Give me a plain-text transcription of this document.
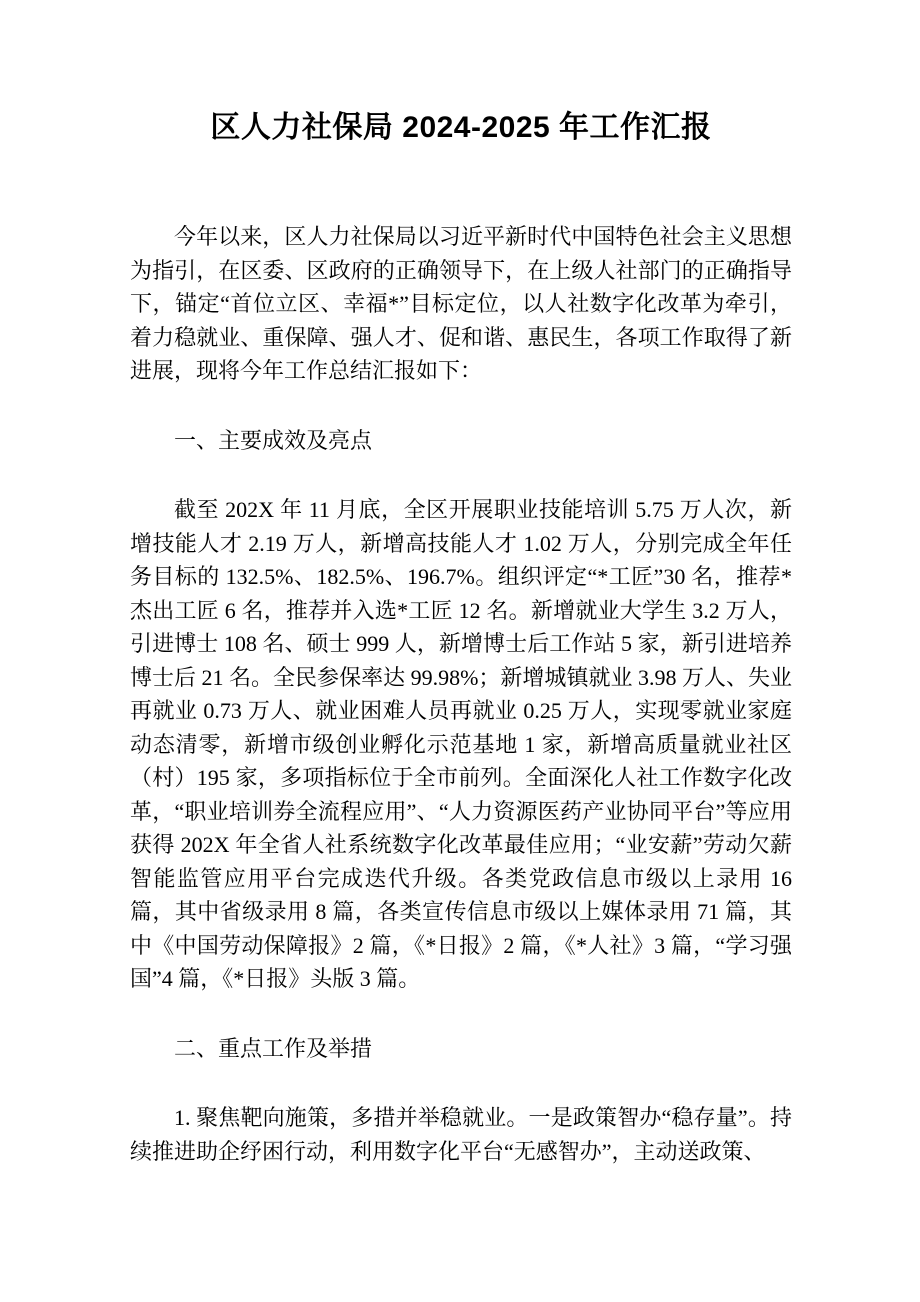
区人力社保局 2024-2025 年工作汇报

今年以来，区人力社保局以习近平新时代中国特色社会主义思想为指引，在区委、区政府的正确领导下，在上级人社部门的正确指导下，锚定“首位立区、幸福*”目标定位，以人社数字化改革为牵引，着力稳就业、重保障、强人才、促和谐、惠民生，各项工作取得了新进展，现将今年工作总结汇报如下：

一、主要成效及亮点

截至 202X 年 11 月底，全区开展职业技能培训 5.75 万人次，新增技能人才 2.19 万人，新增高技能人才 1.02 万人，分别完成全年任务目标的 132.5%、182.5%、196.7%。组织评定“*工匠”30 名，推荐*杰出工匠 6 名，推荐并入选*工匠 12 名。新增就业大学生 3.2 万人，引进博士 108 名、硕士 999 人，新增博士后工作站 5 家，新引进培养博士后 21 名。全民参保率达 99.98%；新增城镇就业 3.98 万人、失业再就业 0.73 万人、就业困难人员再就业 0.25 万人，实现零就业家庭动态清零，新增市级创业孵化示范基地 1 家，新增高质量就业社区（村）195 家，多项指标位于全市前列。全面深化人社工作数字化改革，“职业培训券全流程应用”、“人力资源医药产业协同平台”等应用获得 202X 年全省人社系统数字化改革最佳应用；“业安薪”劳动欠薪智能监管应用平台完成迭代升级。各类党政信息市级以上录用 16 篇，其中省级录用 8 篇，各类宣传信息市级以上媒体录用 71 篇，其中《中国劳动保障报》2 篇，《*日报》2 篇，《*人社》3 篇，“学习强国”4 篇，《*日报》头版 3 篇。

二、重点工作及举措

1. 聚焦靶向施策，多措并举稳就业。一是政策智办“稳存量”。持续推进助企纾困行动，利用数字化平台“无感智办”，主动送政策、
